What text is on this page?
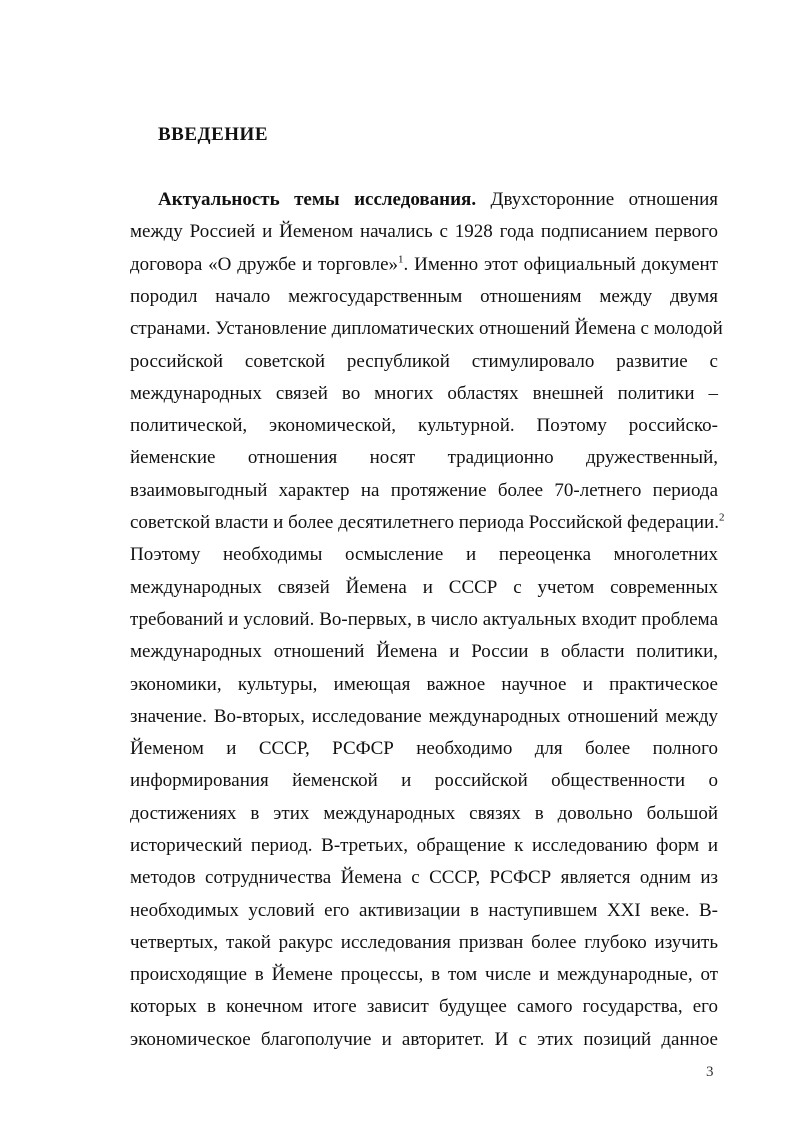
ВВЕДЕНИЕ
Актуальность темы исследования. Двухсторонние отношения
между Россией и Йеменом начались с 1928 года подписанием первого
договора «О дружбе и торговле»$^1$. Именно этот официальный документ
породил начало межгосударственным отношениям между двумя
странами. Установление дипломатических отношений Йемена с молодой
российской советской республикой стимулировало развитие с
международных связей во многих областях внешней политики –
политической, экономической, культурной. Поэтому российско-
йеменские отношения носят традиционно дружественный,
взаимовыгодный характер на протяжение более 70-летнего периода
советской власти и более десятилетнего периода Российской федерации.$^2$
Поэтому необходимы осмысление и переоценка многолетних
международных связей Йемена и СССР с учетом современных
требований и условий. Во-первых, в число актуальных входит проблема
международных отношений Йемена и России в области политики,
экономики, культуры, имеющая важное научное и практическое
значение. Во-вторых, исследование международных отношений между
Йеменом и СССР, РСФСР необходимо для более полного
информирования йеменской и российской общественности о
достижениях в этих международных связях в довольно большой
исторический период. В-третьих, обращение к исследованию форм и
методов сотрудничества Йемена с СССР, РСФСР является одним из
необходимых условий его активизации в наступившем XXI веке. В-
четвертых, такой ракурс исследования призван более глубоко изучить
происходящие в Йемене процессы, в том числе и международные, от
которых в конечном итоге зависит будущее самого государства, его
экономическое благополучие и авторитет. И с этих позиций данное
3
